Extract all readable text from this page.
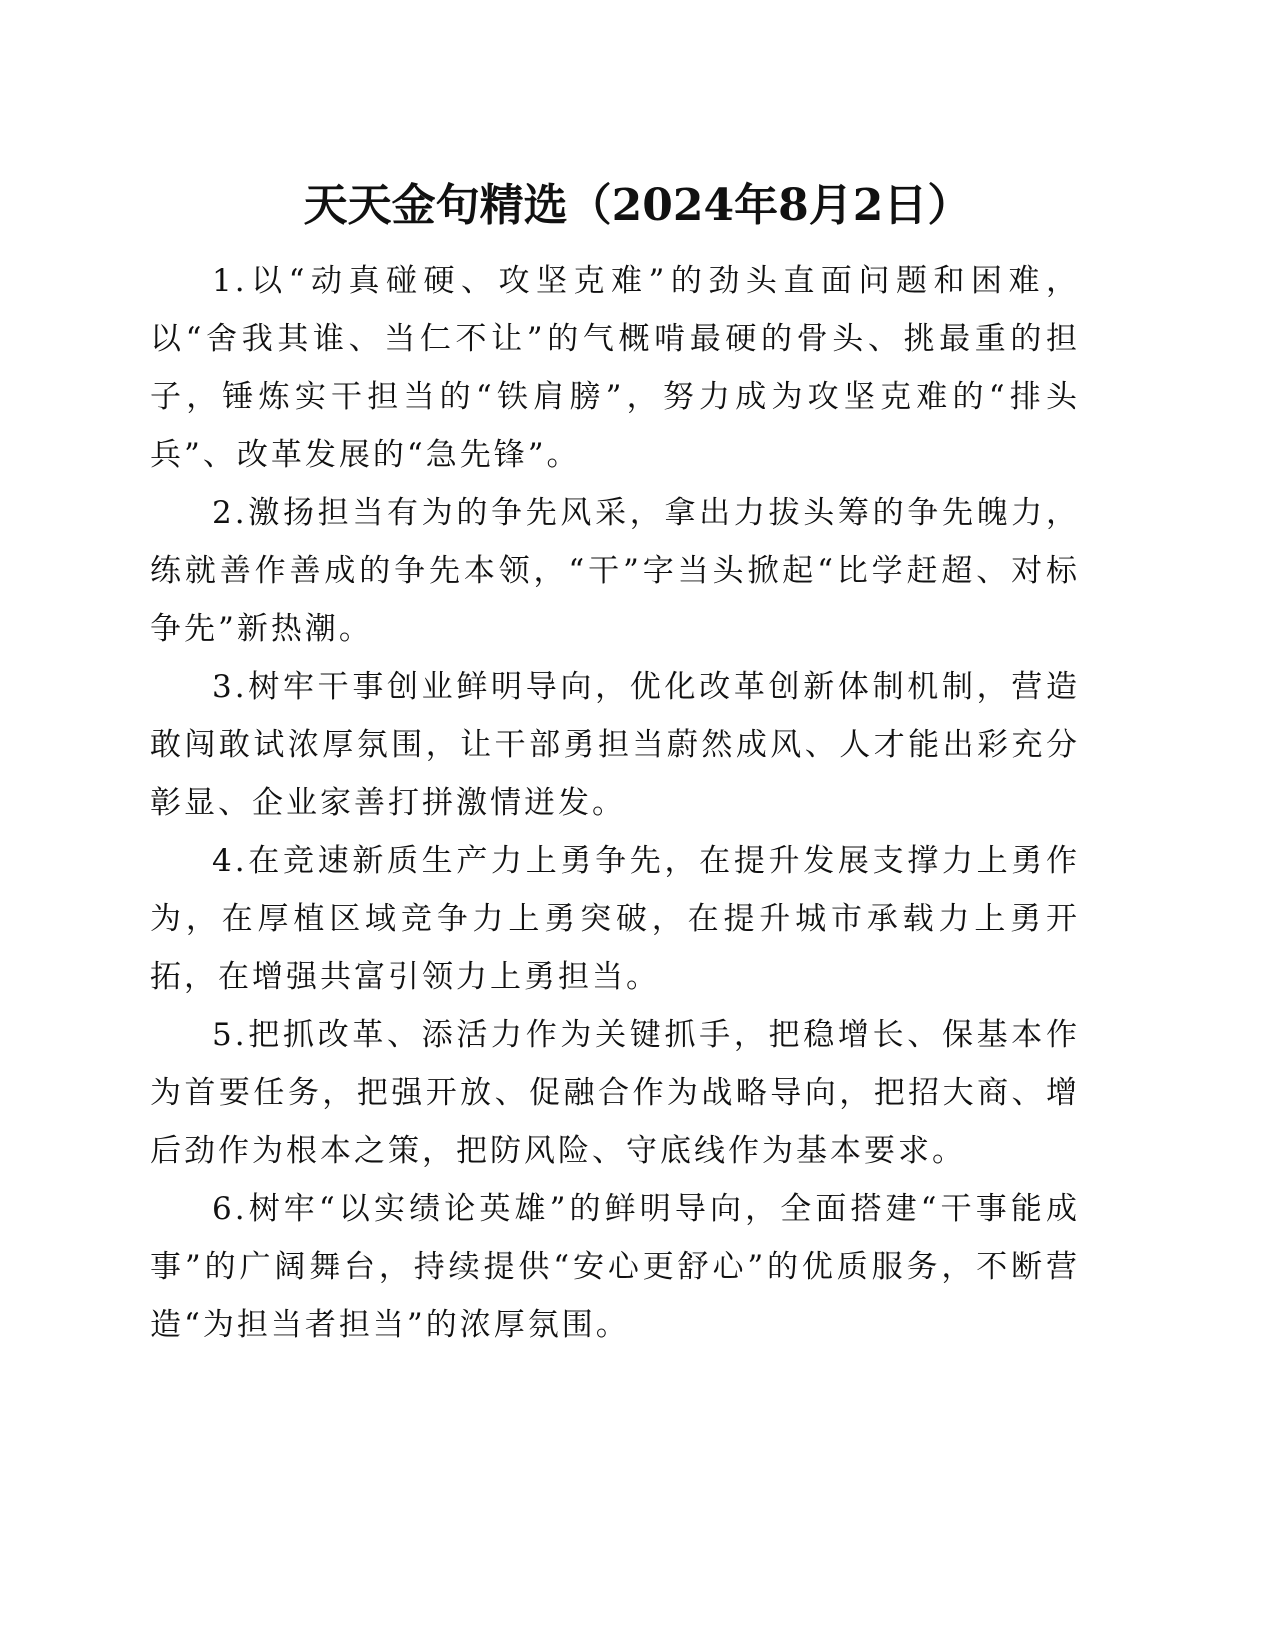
天天金句精选（2024年8月2日）

1.以“动真碰硬、攻坚克难”的劲头直面问题和困难，以“舍我其谁、当仁不让”的气概啃最硬的骨头、挑最重的担子，锤炼实干担当的“铁肩膀”，努力成为攻坚克难的“排头兵”、改革发展的“急先锋”。

2.激扬担当有为的争先风采，拿出力拔头筹的争先魄力，练就善作善成的争先本领，“干”字当头掀起“比学赶超、对标争先”新热潮。

3.树牢干事创业鲜明导向，优化改革创新体制机制，营造敢闯敢试浓厚氛围，让干部勇担当蔚然成风、人才能出彩充分彰显、企业家善打拼激情迸发。

4.在竞速新质生产力上勇争先，在提升发展支撑力上勇作为，在厚植区域竞争力上勇突破，在提升城市承载力上勇开拓，在增强共富引领力上勇担当。

5.把抓改革、添活力作为关键抓手，把稳增长、保基本作为首要任务，把强开放、促融合作为战略导向，把招大商、增后劲作为根本之策，把防风险、守底线作为基本要求。

6.树牢“以实绩论英雄”的鲜明导向，全面搭建“干事能成事”的广阔舞台，持续提供“安心更舒心”的优质服务，不断营造“为担当者担当”的浓厚氛围。
